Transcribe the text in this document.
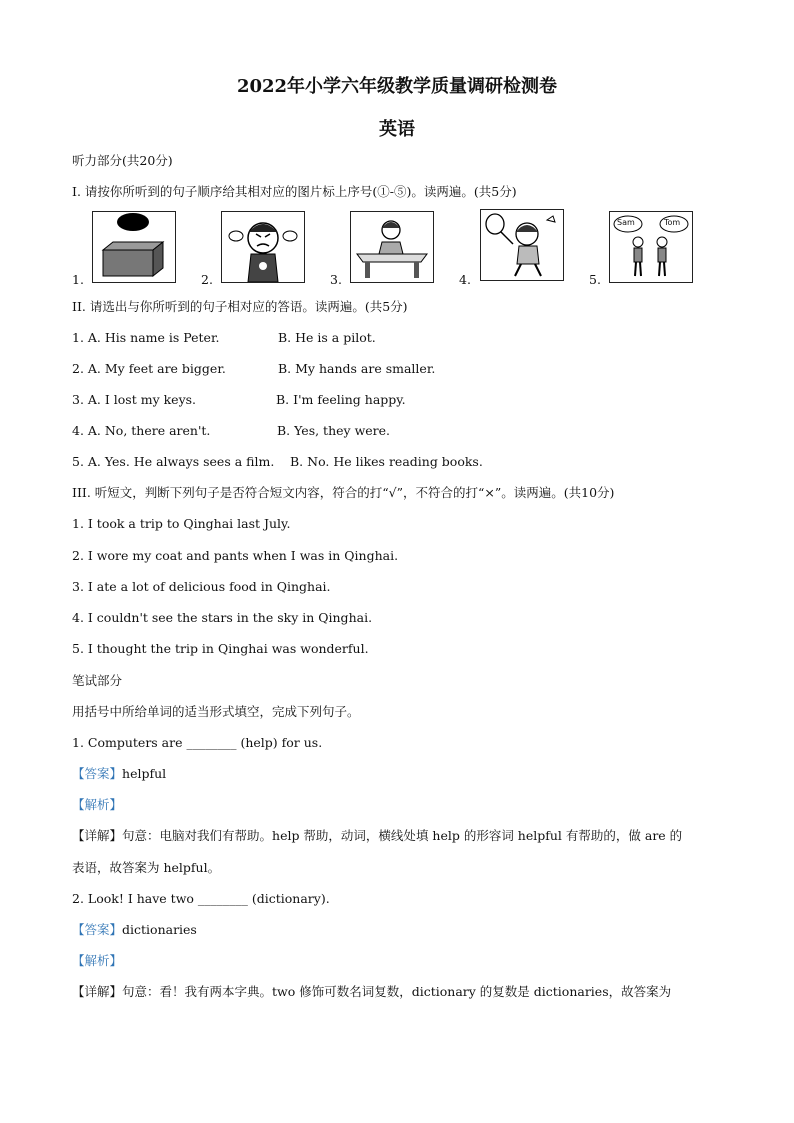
2022年小学六年级教学质量调研检测卷
英语
听力部分(共20分)
I. 请按你所听到的句子顺序给其相对应的图片标上序号(①-⑤)。读两遍。(共5分)
1.	2.	3.	4.	5.
Sam	Tom
II. 请选出与你所听到的句子相对应的答语。读两遍。(共5分)
1. A. His name is Peter.	B. He is a pilot.
2. A. My feet are bigger.	B. My hands are smaller.
3. A. I lost my keys.	B. I'm feeling happy.
4. A. No, there aren't.	B. Yes, they were.
5. A. Yes. He always sees a film. B. No. He likes reading books.
III. 听短文，判断下列句子是否符合短文内容，符合的打“√”，不符合的打“×”。读两遍。(共10分)
1. I took a trip to Qinghai last July.
2. I wore my coat and pants when I was in Qinghai.
3. I ate a lot of delicious food in Qinghai.
4. I couldn't see the stars in the sky in Qinghai.
5. I thought the trip in Qinghai was wonderful.
笔试部分
用括号中所给单词的适当形式填空，完成下列句子。
1. Computers are ________ (help) for us.
【答案】helpful
【解析】
【详解】句意：电脑对我们有帮助。help 帮助，动词，横线处填 help 的形容词 helpful 有帮助的，做 are 的
表语，故答案为 helpful。
2. Look! I have two ________ (dictionary).
【答案】dictionaries
【解析】
【详解】句意：看！我有两本字典。two 修饰可数名词复数，dictionary 的复数是 dictionaries，故答案为
